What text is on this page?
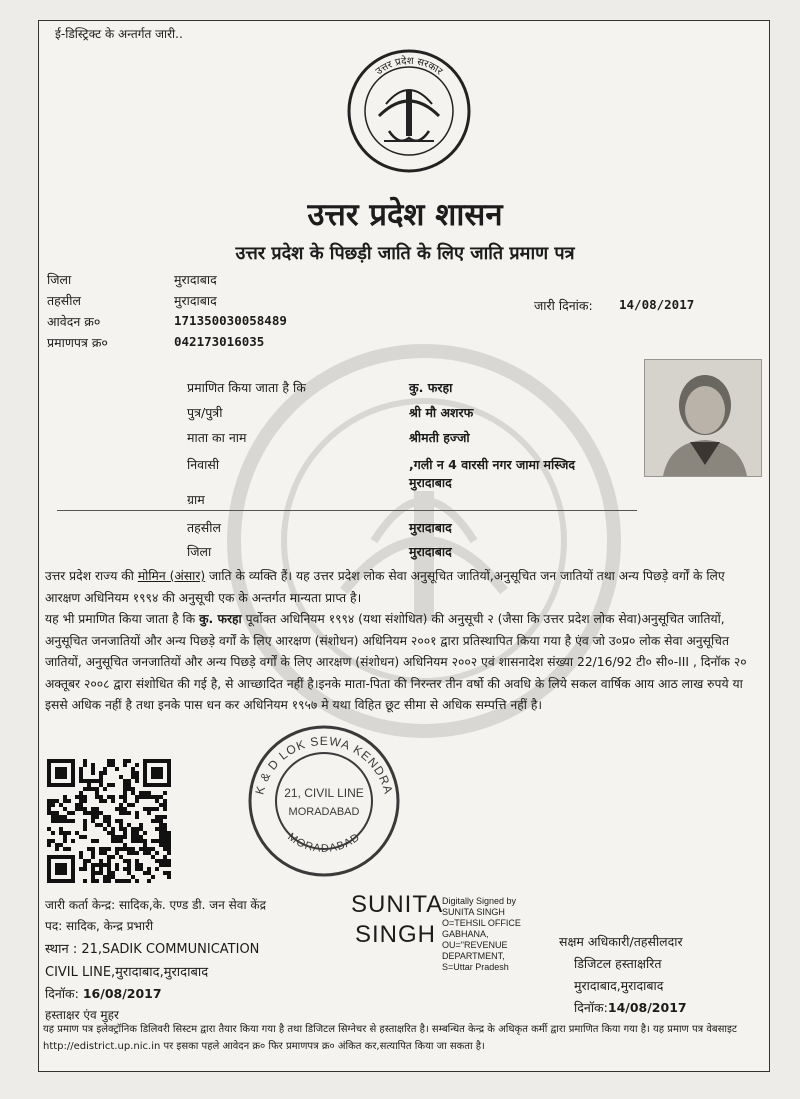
ई-डिस्ट्रिक्ट के अन्तर्गत जारी..
उत्तर प्रदेश सरकार
उत्तर प्रदेश शासन
उत्तर प्रदेश के पिछड़ी जाति के लिए जाति प्रमाण पत्र
जिला	मुरादाबाद
तहसील	मुरादाबाद
आवेदन क्र०	171350030058489
प्रमाणपत्र क्र०	042173016035
जारी दिनांक: 14/08/2017
प्रमाणित किया जाता है कि	कु. फरहा
पुत्र/पुत्री	श्री मौ अशरफ
माता का नाम	श्रीमती हज्जो
निवासी	,गली न 4 वारसी नगर जामा मस्जिद
मुरादाबाद
ग्राम
तहसील	मुरादाबाद
जिला	मुरादाबाद
उत्तर प्रदेश राज्य की मोमिन (अंसार) जाति के व्यक्ति हैं। यह उत्तर प्रदेश लोक सेवा अनुसूचित जातियों,अनुसूचित जन जातियों तथा अन्य पिछड़े वर्गों के लिए आरक्षण अधिनियम १९९४ की अनुसूची एक के अन्तर्गत मान्यता प्राप्त है।
यह भी प्रमाणित किया जाता है कि कु. फरहा पूर्वोक्त अधिनियम १९९४ (यथा संशोधित) की अनुसूची २ (जैसा कि उत्तर प्रदेश लोक सेवा)अनुसूचित जातियों, अनुसूचित जनजातियों और अन्य पिछड़े वर्गों के लिए आरक्षण (संशोधन) अधिनियम २००१ द्वारा प्रतिस्थापित किया गया है एंव जो उ०प्र० लोक सेवा अनुसूचित जातियों, अनुसूचित जनजातियों और अन्य पिछड़े वर्गों के लिए आरक्षण (संशोधन) अधिनियम २००२ एवं शासनादेश संख्या 22/16/92 टी० सी०-III , दिनॉक २० अक्तूबर २००८ द्वारा संशोधित की गई है, से आच्छादित नहीं है।इनके माता-पिता की निरन्तर तीन वर्षो की अवधि के लिये सकल वार्षिक आय आठ लाख रुपये या इससे अधिक नहीं है तथा इनके पास धन कर अधिनियम १९५७ मे यथा विहित छूट सीमा से अधिक सम्पत्ति नहीं है।
K & D LOK SEWA KENDRA
MORADABAD
21, CIVIL LINE
MORADABAD
जारी कर्ता केन्द्र: सादिक,के. एण्ड डी. जन सेवा केंद्र
पद: सादिक, केन्द्र प्रभारी
स्थान : 21,SADIK COMMUNICATION
CIVIL LINE,मुरादाबाद,मुरादाबाद
दिनॉक: 16/08/2017
हस्ताक्षर एंव मुहर
SUNITA
SINGH
Digitally Signed by
SUNITA SINGH
O=TEHSIL OFFICE
GABHANA,
OU="REVENUE
DEPARTMENT,
S=Uttar Pradesh
सक्षम अधिकारी/तहसीलदार
डिजिटल हस्ताक्षरित
मुरादाबाद,मुरादाबाद
दिनॉक:14/08/2017
यह प्रमाण पत्र इलेक्ट्रॉनिक डिलिवरी सिस्टम द्वारा तैयार किया गया है तथा डिजिटल सिग्नेचर से हस्ताक्षरित है। सम्बन्धित केन्द्र के अधिकृत कर्मी द्वारा प्रमाणित किया गया है। यह प्रमाण पत्र वेबसाइट http://edistrict.up.nic.in पर इसका पहले आवेदन क्र० फिर प्रमाणपत्र क्र० अंकित कर,सत्यापित किया जा सकता है।
